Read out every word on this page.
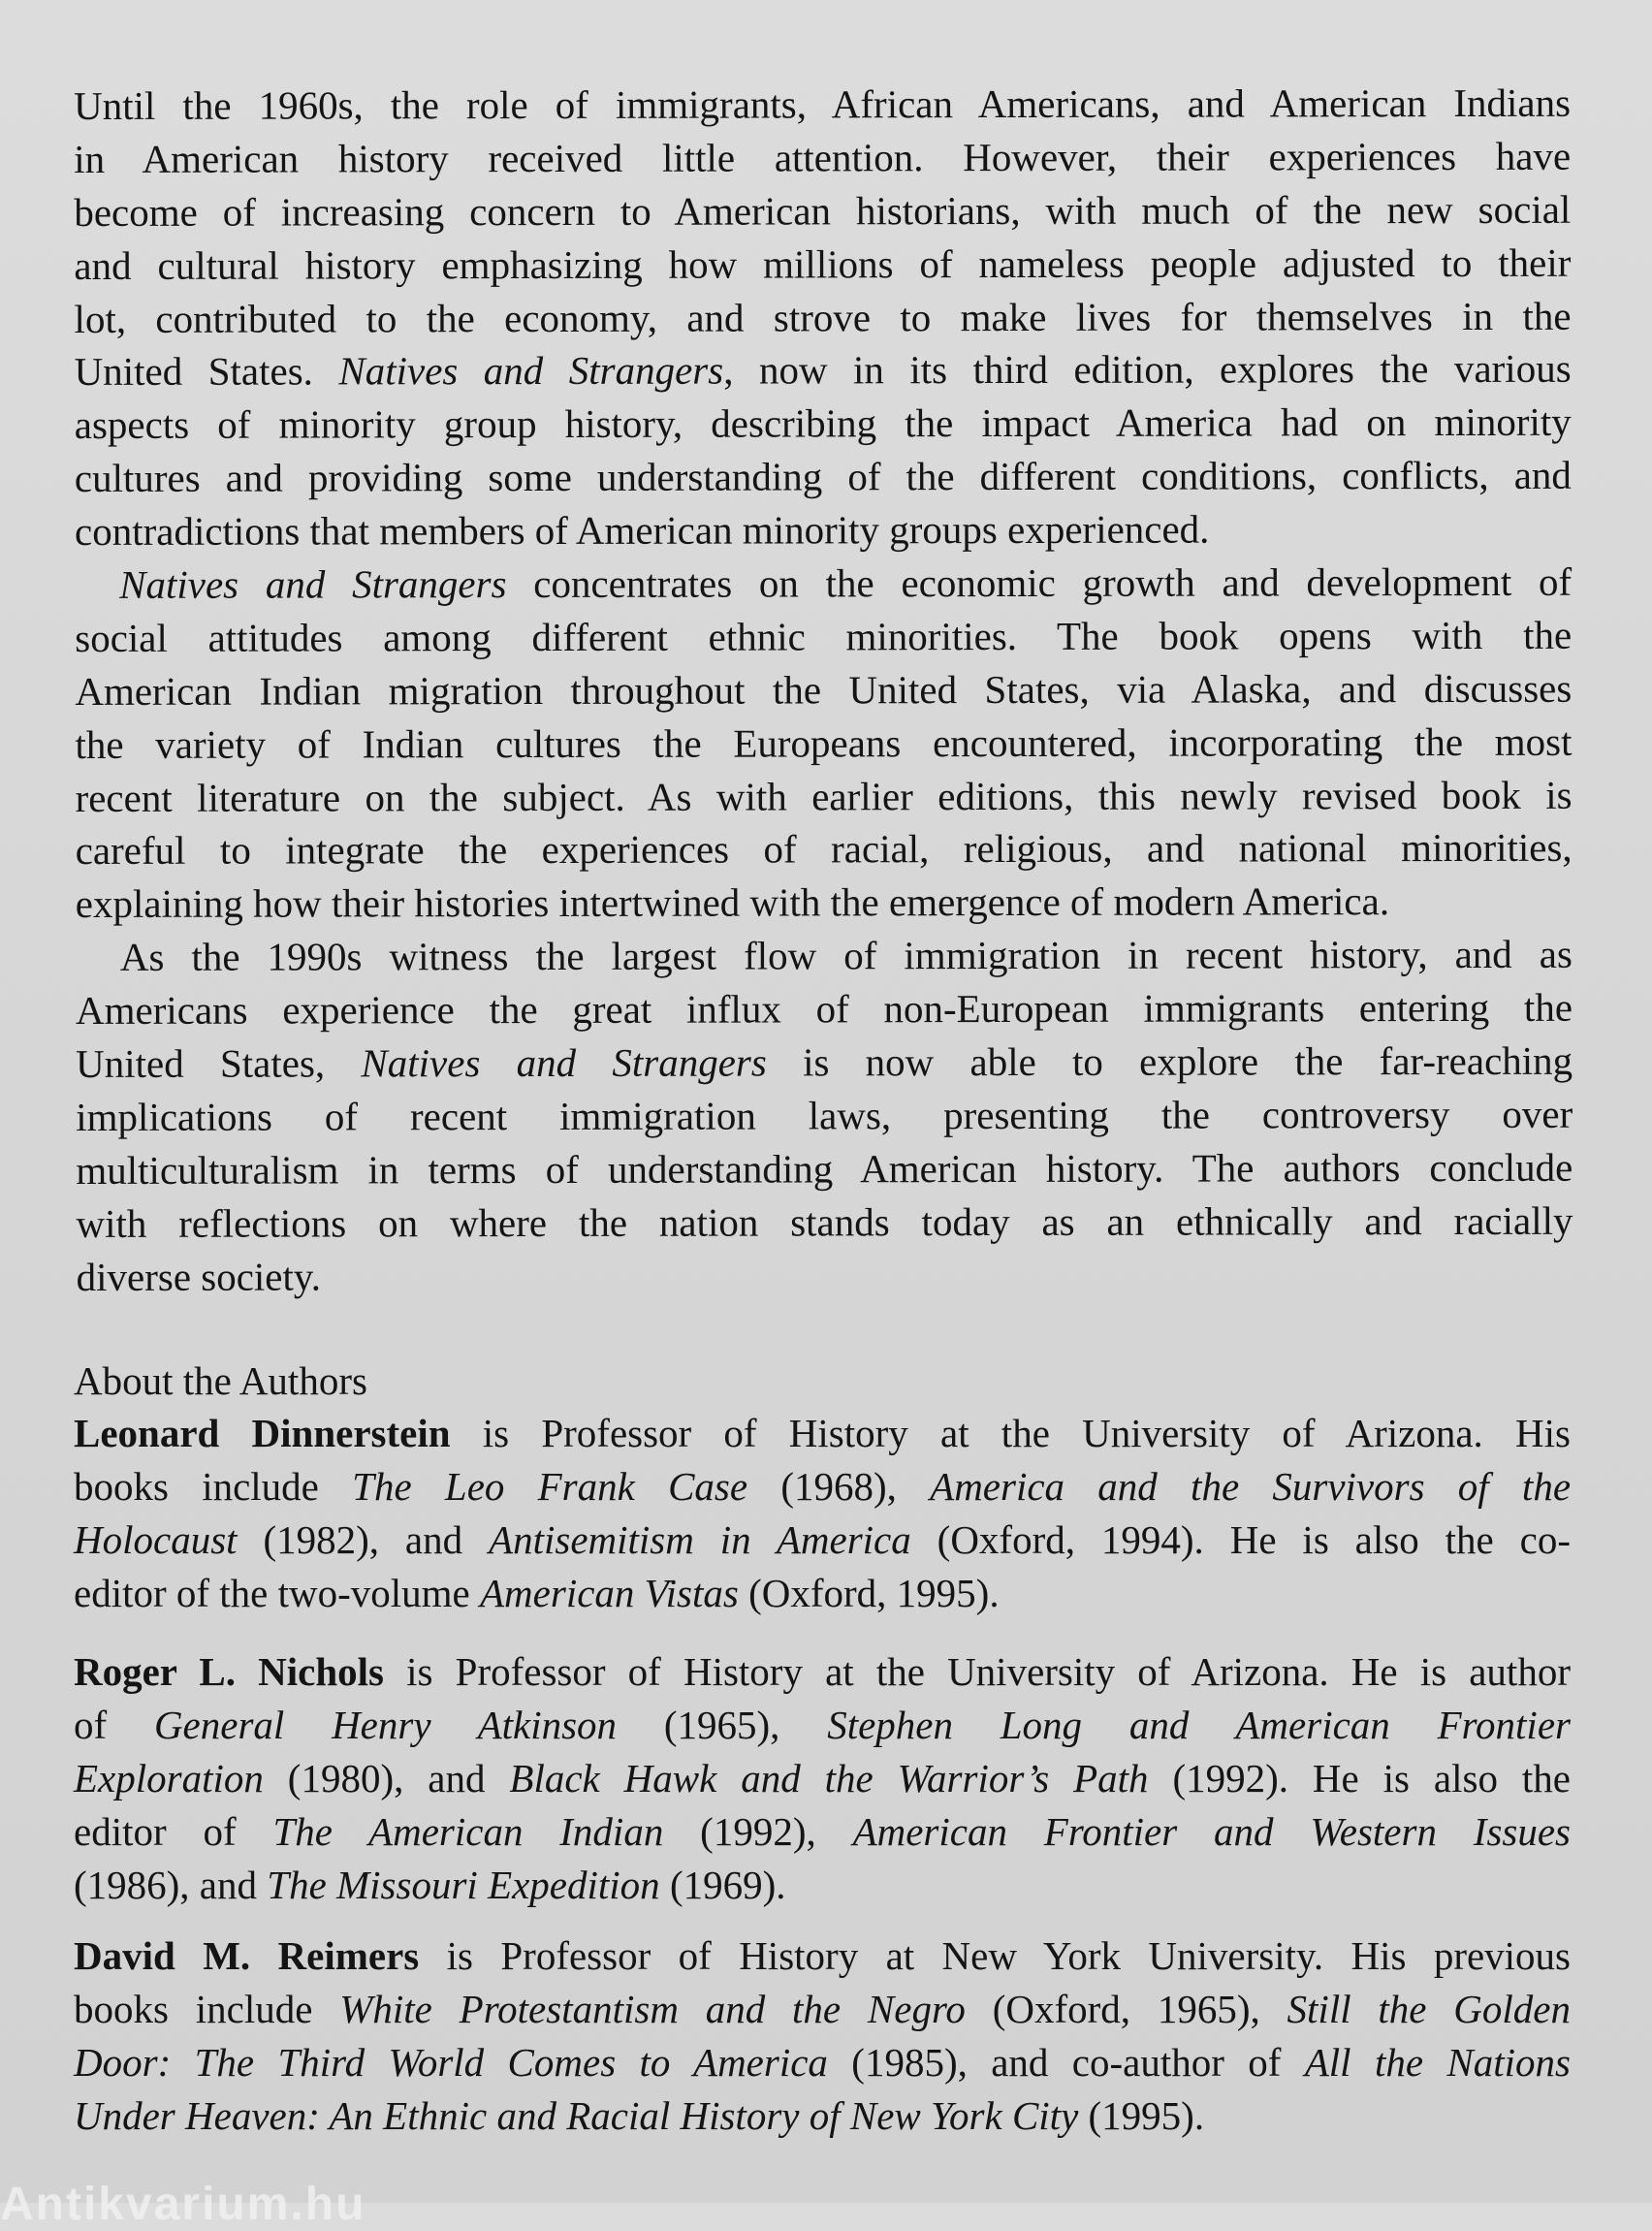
Until the 1960s, the role of immigrants, African Americans, and American Indians
in American history received little attention. However, their experiences have
become of increasing concern to American historians, with much of the new social
and cultural history emphasizing how millions of nameless people adjusted to their
lot, contributed to the economy, and strove to make lives for themselves in the
United States. Natives and Strangers, now in its third edition, explores the various
aspects of minority group history, describing the impact America had on minority
cultures and providing some understanding of the different conditions, conflicts, and
contradictions that members of American minority groups experienced.
Natives and Strangers concentrates on the economic growth and development of
social attitudes among different ethnic minorities. The book opens with the
American Indian migration throughout the United States, via Alaska, and discusses
the variety of Indian cultures the Europeans encountered, incorporating the most
recent literature on the subject. As with earlier editions, this newly revised book is
careful to integrate the experiences of racial, religious, and national minorities,
explaining how their histories intertwined with the emergence of modern America.
As the 1990s witness the largest flow of immigration in recent history, and as
Americans experience the great influx of non-European immigrants entering the
United States, Natives and Strangers is now able to explore the far-reaching
implications of recent immigration laws, presenting the controversy over
multiculturalism in terms of understanding American history. The authors conclude
with reflections on where the nation stands today as an ethnically and racially
diverse society.
About the Authors
Leonard Dinnerstein is Professor of History at the University of Arizona. His
books include The Leo Frank Case (1968), America and the Survivors of the
Holocaust (1982), and Antisemitism in America (Oxford, 1994). He is also the co-
editor of the two-volume American Vistas (Oxford, 1995).
Roger L. Nichols is Professor of History at the University of Arizona. He is author
of General Henry Atkinson (1965), Stephen Long and American Frontier
Exploration (1980), and Black Hawk and the Warrior’s Path (1992). He is also the
editor of The American Indian (1992), American Frontier and Western Issues
(1986), and The Missouri Expedition (1969).
David M. Reimers is Professor of History at New York University. His previous
books include White Protestantism and the Negro (Oxford, 1965), Still the Golden
Door: The Third World Comes to America (1985), and co-author of All the Nations
Under Heaven: An Ethnic and Racial History of New York City (1995).
Antikvarium.hu
